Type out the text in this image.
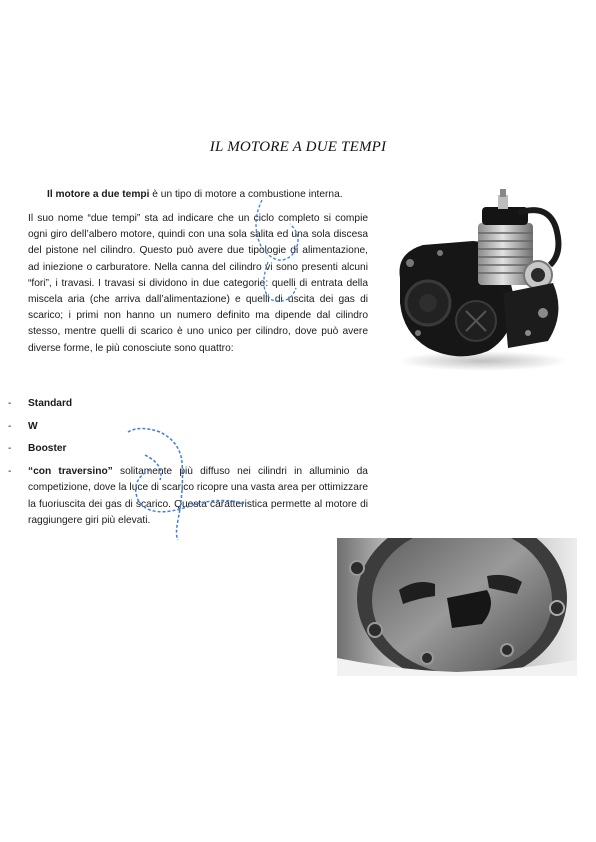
IL MOTORE A DUE TEMPI

Il motore a due tempi è un tipo di motore a combustione interna.

Il suo nome “due tempi” sta ad indicare che un ciclo completo si compie ogni giro dell’albero motore, quindi con una sola salita ed una sola discesa del pistone nel cilindro. Questo può avere due tipologie di alimentazione, ad iniezione o carburatore. Nella canna del cilindro vi sono presenti alcuni “fori”, i travasi. I travasi si dividono in due categorie: quelli di entrata della miscela aria (che arriva dall’alimentazione) e quelli di uscita dei gas di scarico; i primi non hanno un numero definito ma dipende dal cilindro stesso, mentre quelli di scarico è uno unico per cilindro, dove può avere diverse forme, le più conosciute sono quattro:

- Standard
- W
- Booster
- “con traversino” solitamente più diffuso nei cilindri in alluminio da competizione, dove la luce di scarico ricopre una vasta area per ottimizzare la fuoriuscita dei gas di scarico. Questa caratteristica permette al motore di raggiungere giri più elevati.
